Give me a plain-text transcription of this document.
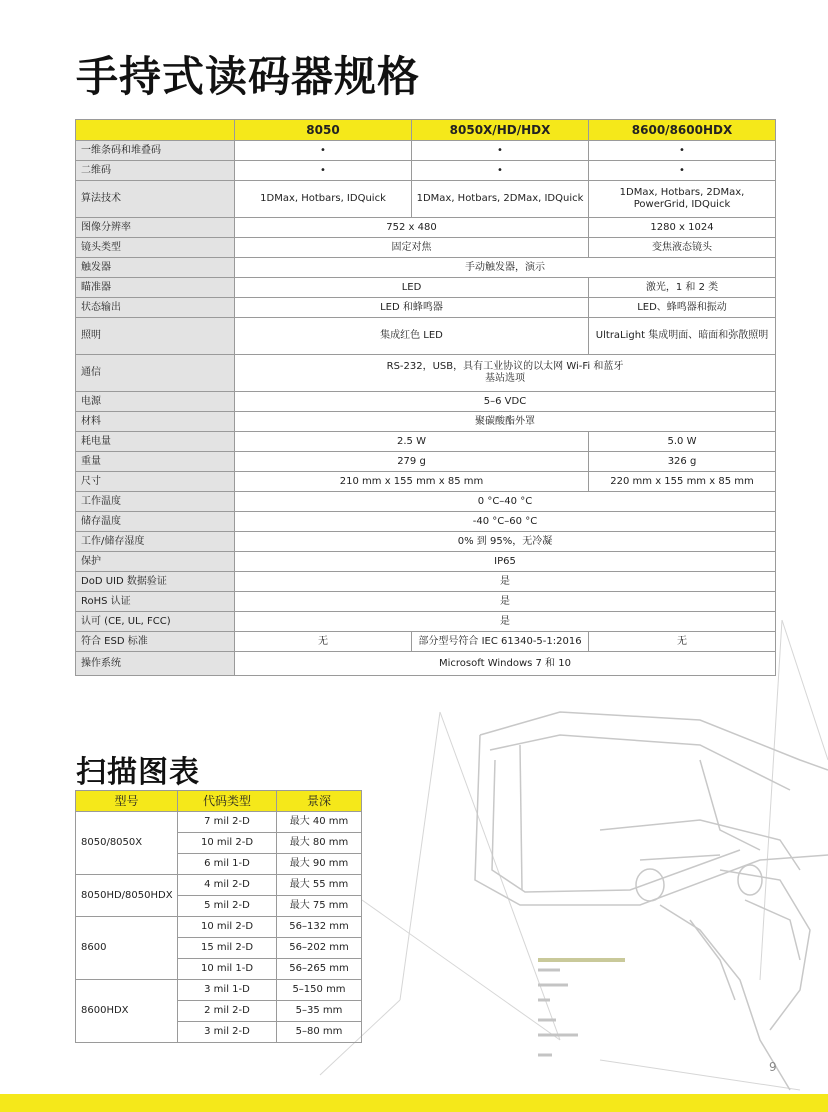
手持式读码器规格
	8050	8050X/HD/HDX	8600/8600HDX
一维条码和堆叠码	•	•	•
二维码	•	•	•
算法技术	1DMax, Hotbars, IDQuick	1DMax, Hotbars, 2DMax, IDQuick	1DMax, Hotbars, 2DMax, PowerGrid, IDQuick
图像分辨率	752 x 480		1280 x 1024
镜头类型	固定对焦		变焦液态镜头
触发器	手动触发器，演示		
瞄准器	LED		激光，1 和 2 类
状态输出	LED 和蜂鸣器		LED、蜂鸣器和振动
照明	集成红色 LED		UltraLight 集成明面、暗面和弥散照明
通信	RS-232，USB，具有工业协议的以太网 Wi-Fi 和蓝牙基站选项		
电源	5–6 VDC		
材料	聚碳酸酯外罩		
耗电量	2.5 W		5.0 W
重量	279 g		326 g
尺寸	210 mm x 155 mm x 85 mm		220 mm x 155 mm x 85 mm
工作温度	0 °C–40 °C		
储存温度	-40 °C–60 °C		
工作/储存湿度	0% 到 95%，无冷凝		
保护	IP65		
DoD UID 数据验证	是		
RoHS 认证	是		
认可 (CE, UL, FCC)	是		
符合 ESD 标准	无	部分型号符合 IEC 61340-5-1:2016	无
操作系统	Microsoft Windows 7 和 10		
扫描图表
型号	代码类型	景深
8050/8050X	7 mil 2-D	最大 40 mm
	10 mil 2-D	最大 80 mm
	6 mil 1-D	最大 90 mm
8050HD/8050HDX	4 mil 2-D	最大 55 mm
	5 mil 2-D	最大 75 mm
8600	10 mil 2-D	56–132 mm
	15 mil 2-D	56–202 mm
	10 mil 1-D	56–265 mm
8600HDX	3 mil 1-D	5–150 mm
	2 mil 2-D	5–35 mm
	3 mil 2-D	5–80 mm
9
